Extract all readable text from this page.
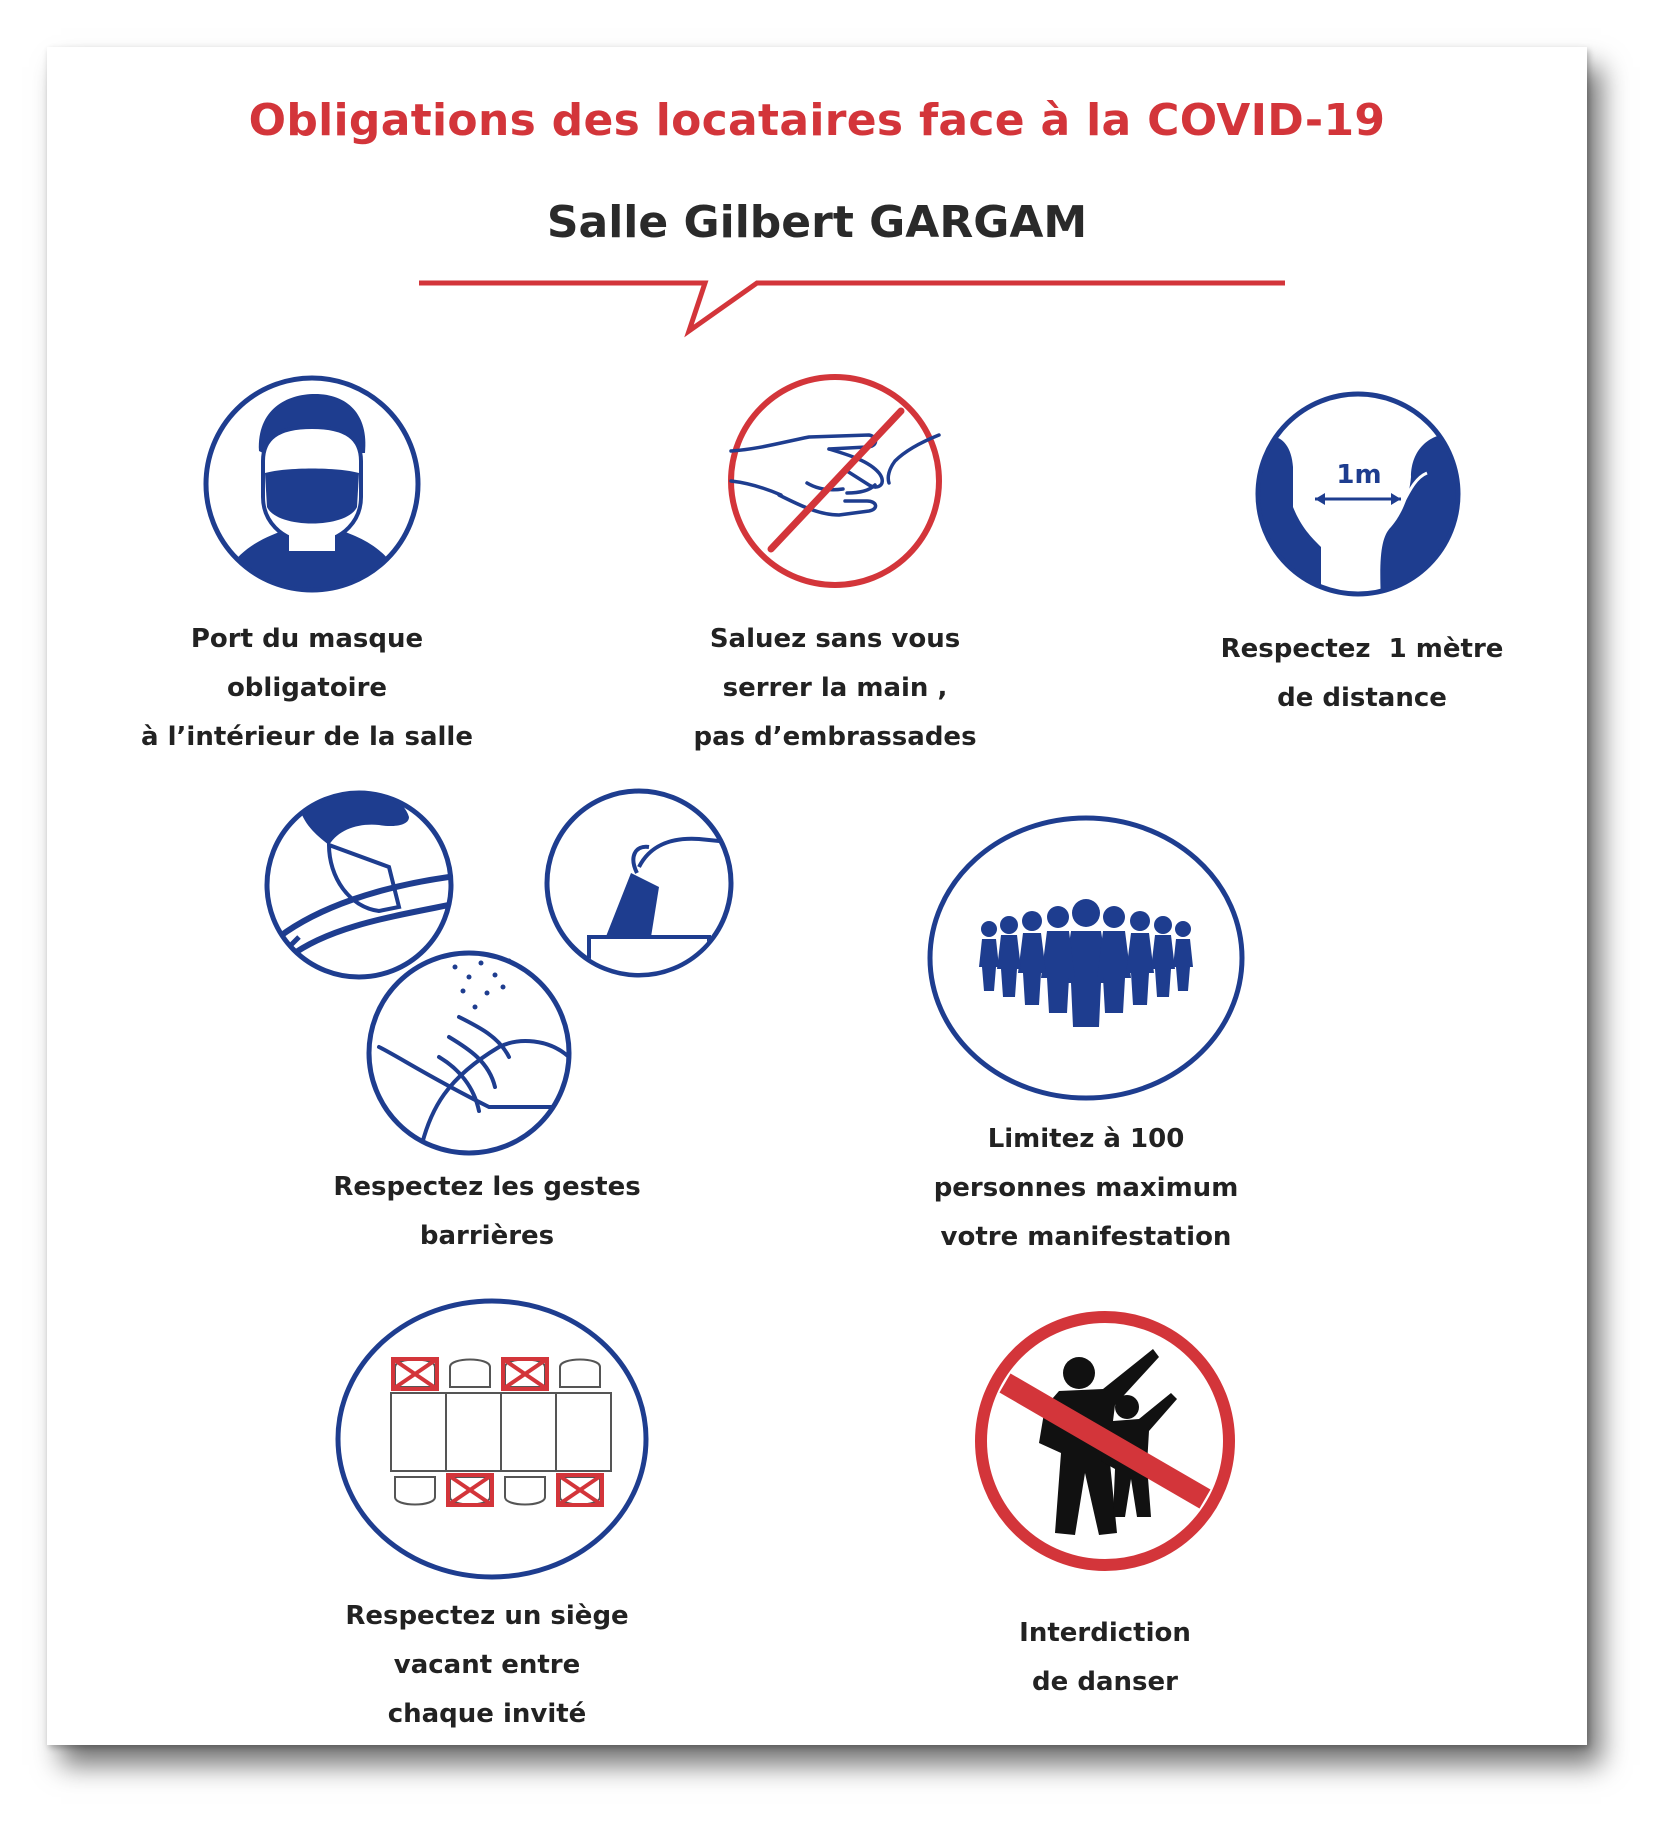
Obligations des locataires face à la COVID-19
Salle Gilbert GARGAM
Port du masque
obligatoire
à l’intérieur de la salle
Saluez sans vous
serrer la main ,
pas d’embrassades
1m
Respectez  1 mètre
de distance
Respectez les gestes
barrières
Limitez à 100
personnes maximum
votre manifestation
Respectez un siège
vacant entre
chaque invité
Interdiction
de danser
